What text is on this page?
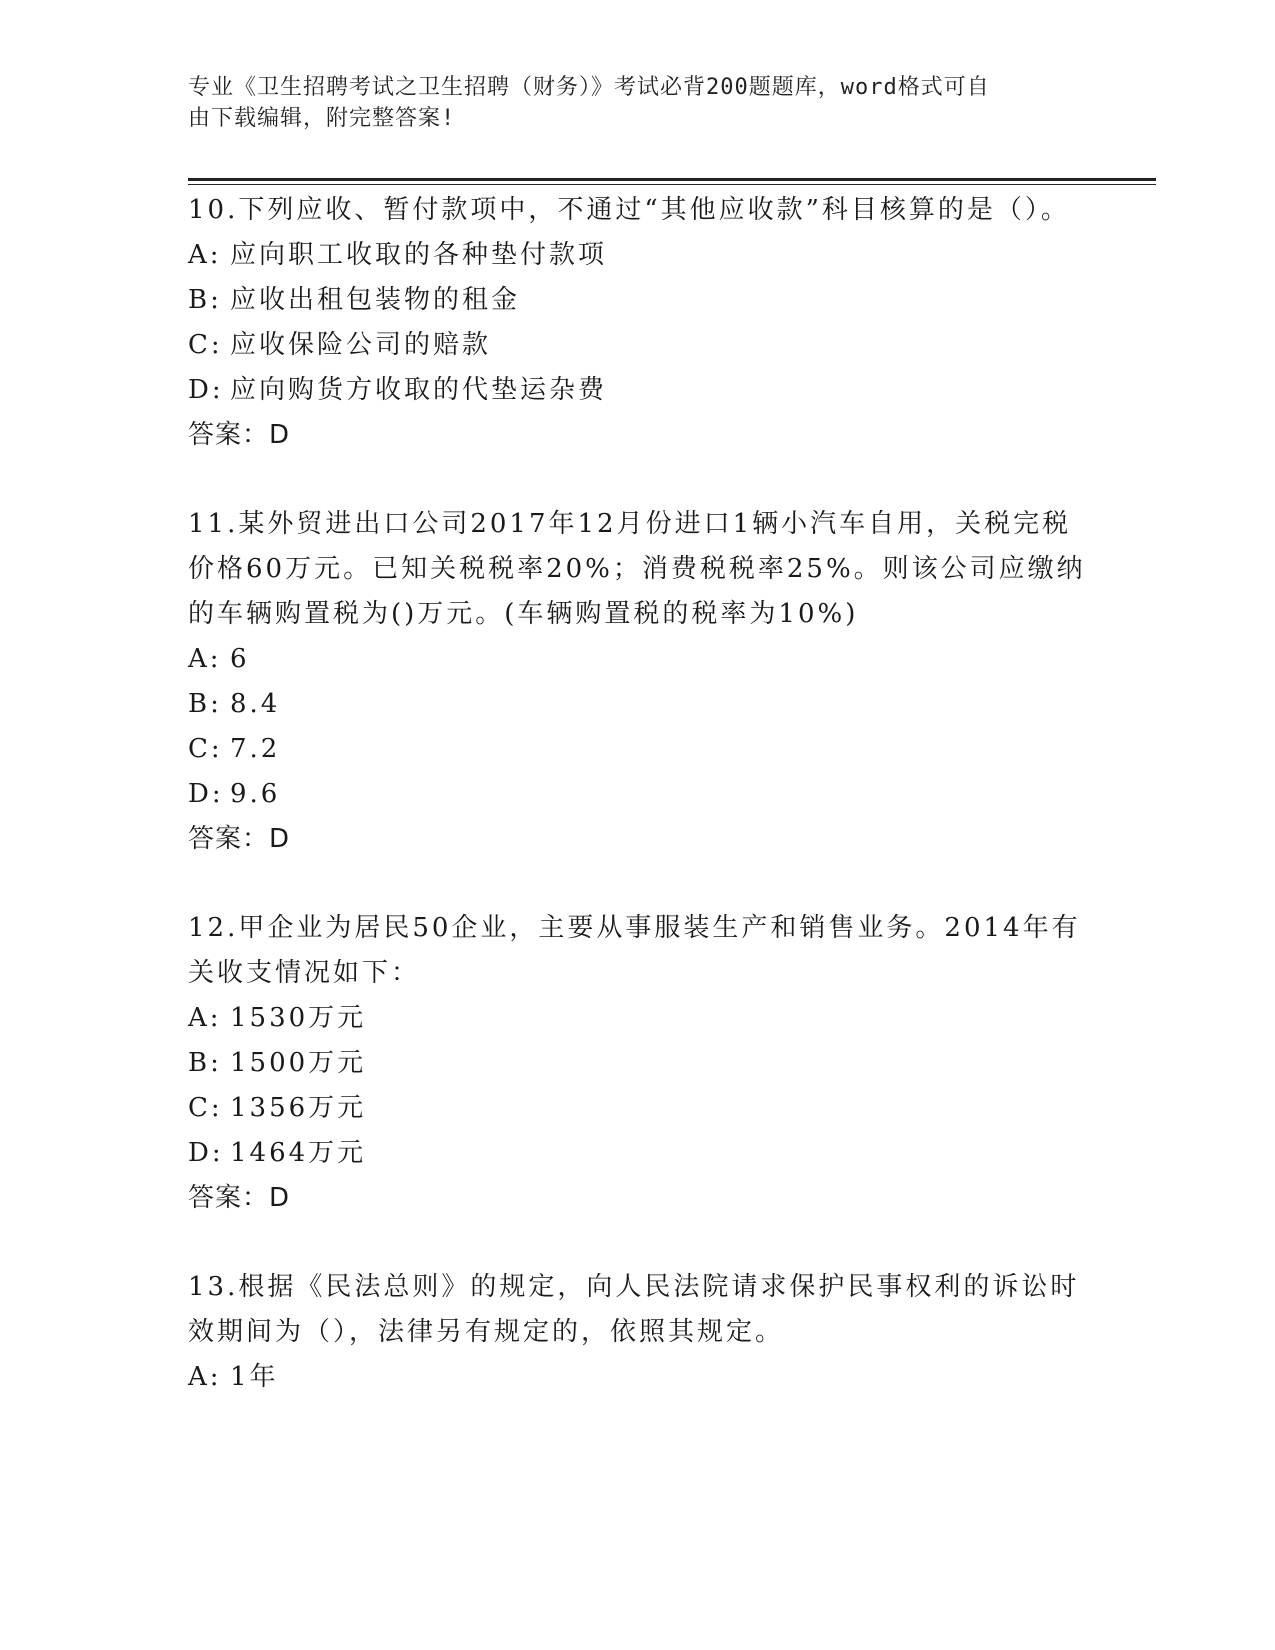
专业《卫生招聘考试之卫生招聘（财务）》考试必背200题题库，word格式可自
由下载编辑，附完整答案!

10.下列应收、暂付款项中，不通过“其他应收款”科目核算的是（）。

A: 应向职工收取的各种垫付款项
B: 应收出租包装物的租金
C: 应收保险公司的赔款
D: 应向购货方收取的代垫运杂费

答案：D

11.某外贸进出口公司2017年12月份进口1辆小汽车自用，关税完税价格60万元。已知关税税率20%；消费税税率25%。则该公司应缴纳的车辆购置税为()万元。(车辆购置税的税率为10%)

A: 6
B: 8.4
C: 7.2
D: 9.6

答案：D

12.甲企业为居民50企业，主要从事服装生产和销售业务。2014年有关收支情况如下：

A: 1530万元
B: 1500万元
C: 1356万元
D: 1464万元

答案：D

13.根据《民法总则》的规定，向人民法院请求保护民事权利的诉讼时效期间为（），法律另有规定的，依照其规定。

A: 1年
